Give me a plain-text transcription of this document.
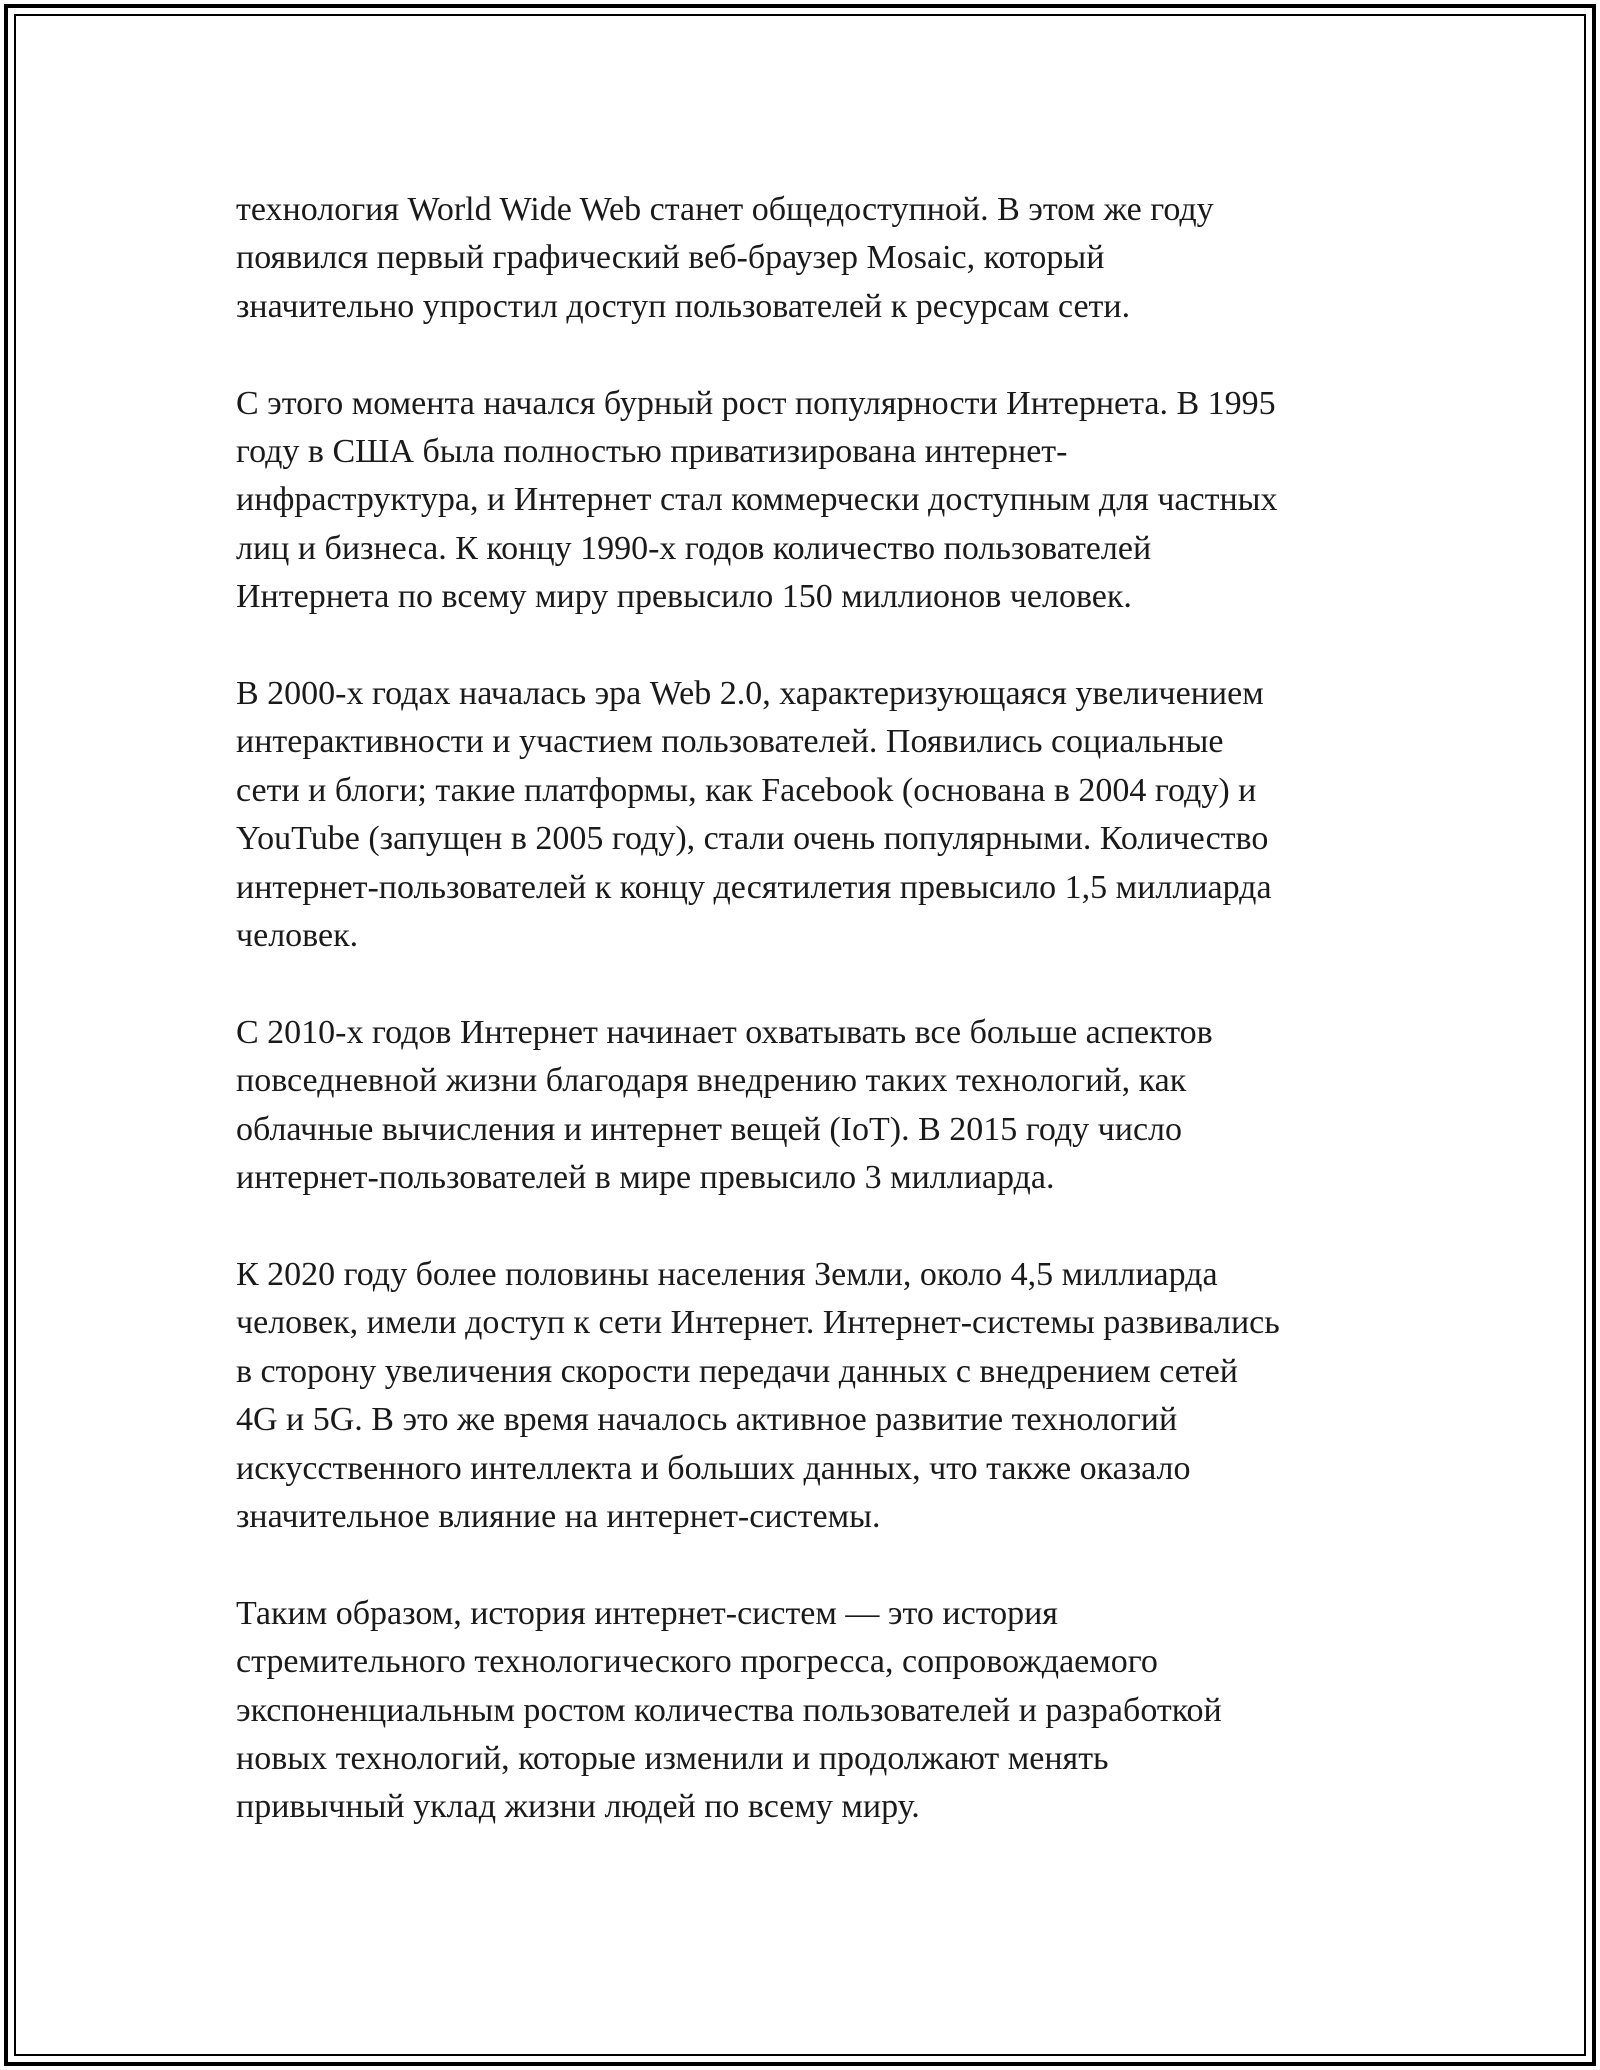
технология World Wide Web станет общедоступной. В этом же году
появился первый графический веб-браузер Mosaic, который
значительно упростил доступ пользователей к ресурсам сети.

С этого момента начался бурный рост популярности Интернета. В 1995
году в США была полностью приватизирована интернет-
инфраструктура, и Интернет стал коммерчески доступным для частных
лиц и бизнеса. К концу 1990-х годов количество пользователей
Интернета по всему миру превысило 150 миллионов человек.

В 2000-х годах началась эра Web 2.0, характеризующаяся увеличением
интерактивности и участием пользователей. Появились социальные
сети и блоги; такие платформы, как Facebook (основана в 2004 году) и
YouTube (запущен в 2005 году), стали очень популярными. Количество
интернет-пользователей к концу десятилетия превысило 1,5 миллиарда
человек.

С 2010-х годов Интернет начинает охватывать все больше аспектов
повседневной жизни благодаря внедрению таких технологий, как
облачные вычисления и интернет вещей (IoT). В 2015 году число
интернет-пользователей в мире превысило 3 миллиарда.

К 2020 году более половины населения Земли, около 4,5 миллиарда
человек, имели доступ к сети Интернет. Интернет-системы развивались
в сторону увеличения скорости передачи данных с внедрением сетей
4G и 5G. В это же время началось активное развитие технологий
искусственного интеллекта и больших данных, что также оказало
значительное влияние на интернет-системы.

Таким образом, история интернет-систем — это история
стремительного технологического прогресса, сопровождаемого
экспоненциальным ростом количества пользователей и разработкой
новых технологий, которые изменили и продолжают менять
привычный уклад жизни людей по всему миру.
